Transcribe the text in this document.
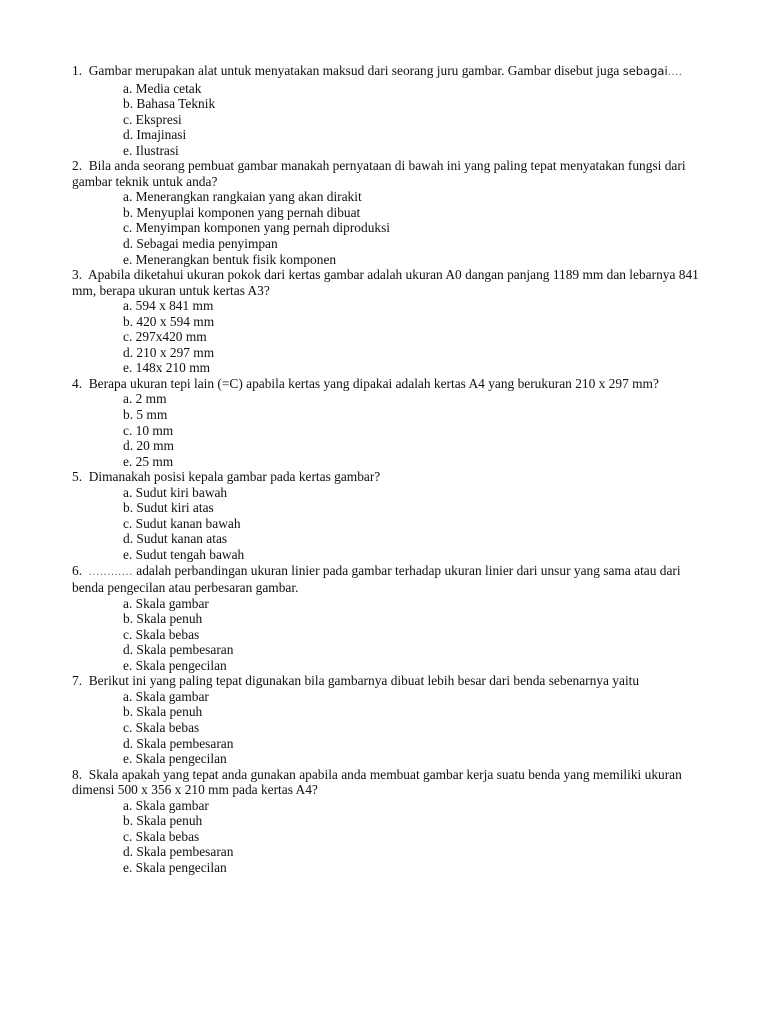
1. Gambar merupakan alat untuk menyatakan maksud dari seorang juru gambar. Gambar disebut juga sebagai....

a. Media cetak
b. Bahasa Teknik
c. Ekspresi
d. Imajinasi
e. Ilustrasi

2. Bila anda seorang pembuat gambar manakah pernyataan di bawah ini yang paling tepat menyatakan fungsi dari gambar teknik untuk anda?

a. Menerangkan rangkaian yang akan dirakit
b. Menyuplai komponen yang pernah dibuat
c. Menyimpan komponen yang pernah diproduksi
d. Sebagai media penyimpan
e. Menerangkan bentuk fisik komponen

3. Apabila diketahui ukuran pokok dari kertas gambar adalah ukuran A0 dangan panjang 1189 mm dan lebarnya 841 mm, berapa ukuran untuk kertas A3?

a. 594 x 841 mm
b. 420 x 594 mm
c. 297x420 mm
d. 210 x 297 mm
e. 148x 210 mm

4. Berapa ukuran tepi lain (=C) apabila kertas yang dipakai adalah kertas A4 yang berukuran 210 x 297 mm?

a. 2 mm
b. 5 mm
c. 10 mm
d. 20 mm
e. 25 mm

5. Dimanakah posisi kepala gambar pada kertas gambar?

a. Sudut kiri bawah
b. Sudut kiri atas
c. Sudut kanan bawah
d. Sudut kanan atas
e. Sudut tengah bawah

6. ............ adalah perbandingan ukuran linier pada gambar terhadap ukuran linier dari unsur yang sama atau dari benda pengecilan atau perbesaran gambar.

a. Skala gambar
b. Skala penuh
c. Skala bebas
d. Skala pembesaran
e. Skala pengecilan

7. Berikut ini yang paling tepat digunakan bila gambarnya dibuat lebih besar dari benda sebenarnya yaitu

a. Skala gambar
b. Skala penuh
c. Skala bebas
d. Skala pembesaran
e. Skala pengecilan

8. Skala apakah yang tepat anda gunakan apabila anda membuat gambar kerja suatu benda yang memiliki ukuran dimensi 500 x 356 x 210 mm pada kertas A4?

a. Skala gambar
b. Skala penuh
c. Skala bebas
d. Skala pembesaran
e. Skala pengecilan
